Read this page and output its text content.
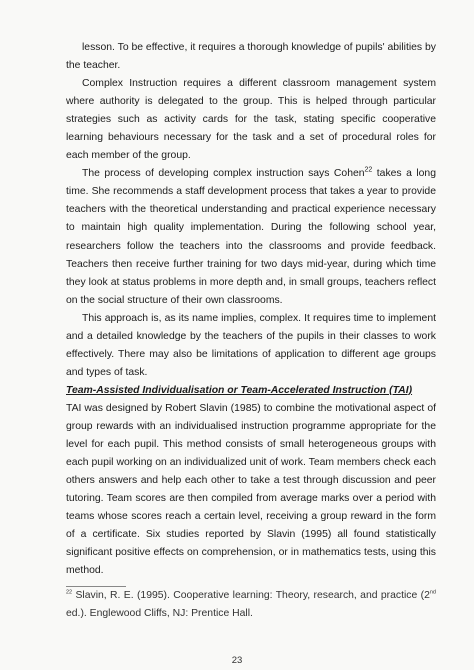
lesson. To be effective, it requires a thorough knowledge of pupils' abilities by the teacher.

Complex Instruction requires a different classroom management system where authority is delegated to the group. This is helped through particular strategies such as activity cards for the task, stating specific cooperative learning behaviours necessary for the task and a set of procedural roles for each member of the group.

The process of developing complex instruction says Cohen$^{22}$ takes a long time. She recommends a staff development process that takes a year to provide teachers with the theoretical understanding and practical experience necessary to maintain high quality implementation. During the following school year, researchers follow the teachers into the classrooms and provide feedback. Teachers then receive further training for two days mid-year, during which time they look at status problems in more depth and, in small groups, teachers reflect on the social structure of their own classrooms.

This approach is, as its name implies, complex. It requires time to implement and a detailed knowledge by the teachers of the pupils in their classes to work effectively. There may also be limitations of application to different age groups and types of task.

Team-Assisted Individualisation or Team-Accelerated Instruction (TAI)

TAI was designed by Robert Slavin (1985) to combine the motivational aspect of group rewards with an individualised instruction programme appropriate for the level for each pupil. This method consists of small heterogeneous groups with each pupil working on an individualized unit of work. Team members check each others answers and help each other to take a test through discussion and peer tutoring. Team scores are then compiled from average marks over a period with teams whose scores reach a certain level, receiving a group reward in the form of a certificate. Six studies reported by Slavin (1995) all found statistically significant positive effects on comprehension, or in mathematics tests, using this method.

$^{22}$ Slavin, R. E. (1995). Cooperative learning: Theory, research, and practice (2nd ed.). Englewood Cliffs, NJ: Prentice Hall.

23
